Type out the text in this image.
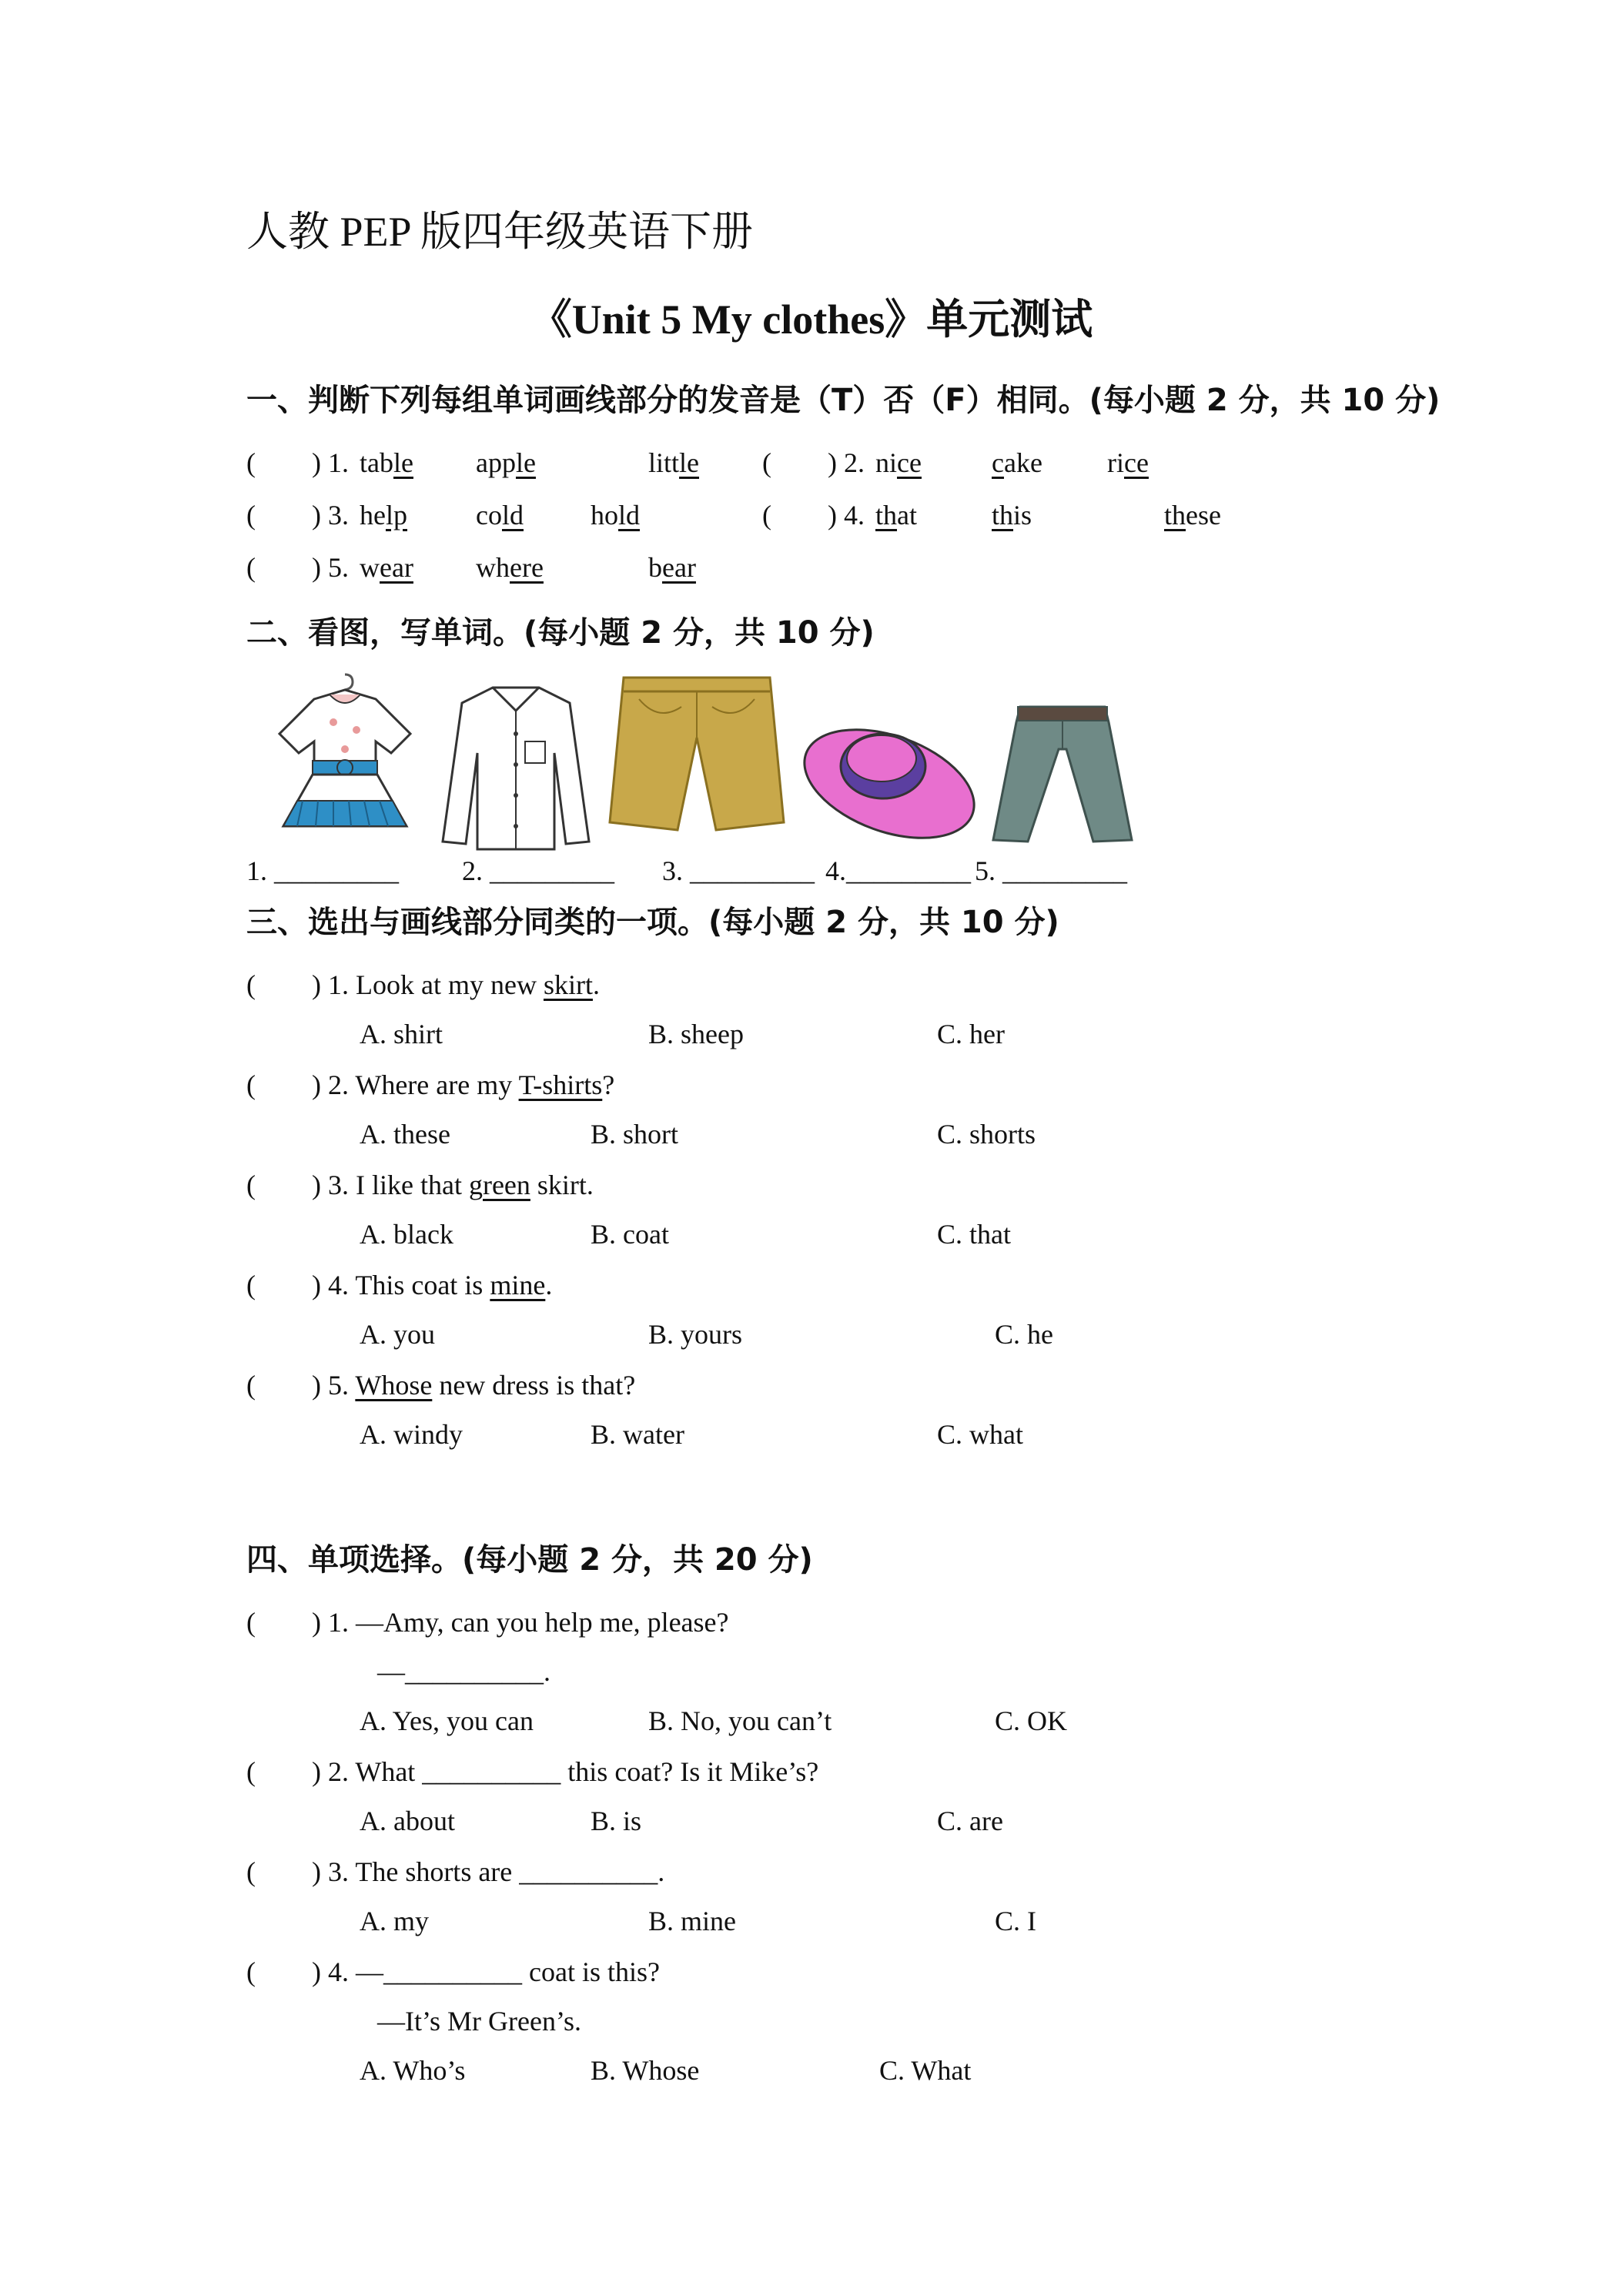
人教 PEP 版四年级英语下册
《Unit 5 My clothes》单元测试
一、判断下列每组单词画线部分的发音是（T）否（F）相同。(每小题 2 分，共 10 分)
( ) 1. table apple	little ( ) 2. nice	cake rice
( ) 3. help cold hold	( ) 4. that	this	these
( ) 5. wear where	bear
二、看图，写单词。(每小题 2 分，共 10 分)
1. _________ 2. _________ 3. _________ 4._________ 5. _________
三、选出与画线部分同类的一项。(每小题 2 分，共 10 分)
( ) 1. Look at my new skirt.
A. shirt	B. sheep	C. her
( ) 2. Where are my T-shirts?
A. these	B. short	C. shorts
( ) 3. I like that green skirt.
A. black	B. coat	C. that
( ) 4. This coat is mine.
A. you	B. yours	C. he
( ) 5. Whose new dress is that?
A. windy	B. water	C. what
四、单项选择。(每小题 2 分，共 20 分)
( ) 1. —Amy, can you help me, please?
—__________.
A. Yes, you can	B. No, you can’t	C. OK
( ) 2. What __________ this coat? Is it Mike’s?
A. about	B. is	C. are
( ) 3. The shorts are __________.
A. my	B. mine	C. I
( ) 4. —__________ coat is this?
—It’s Mr Green’s.
A. Who’s	B. Whose	C. What
